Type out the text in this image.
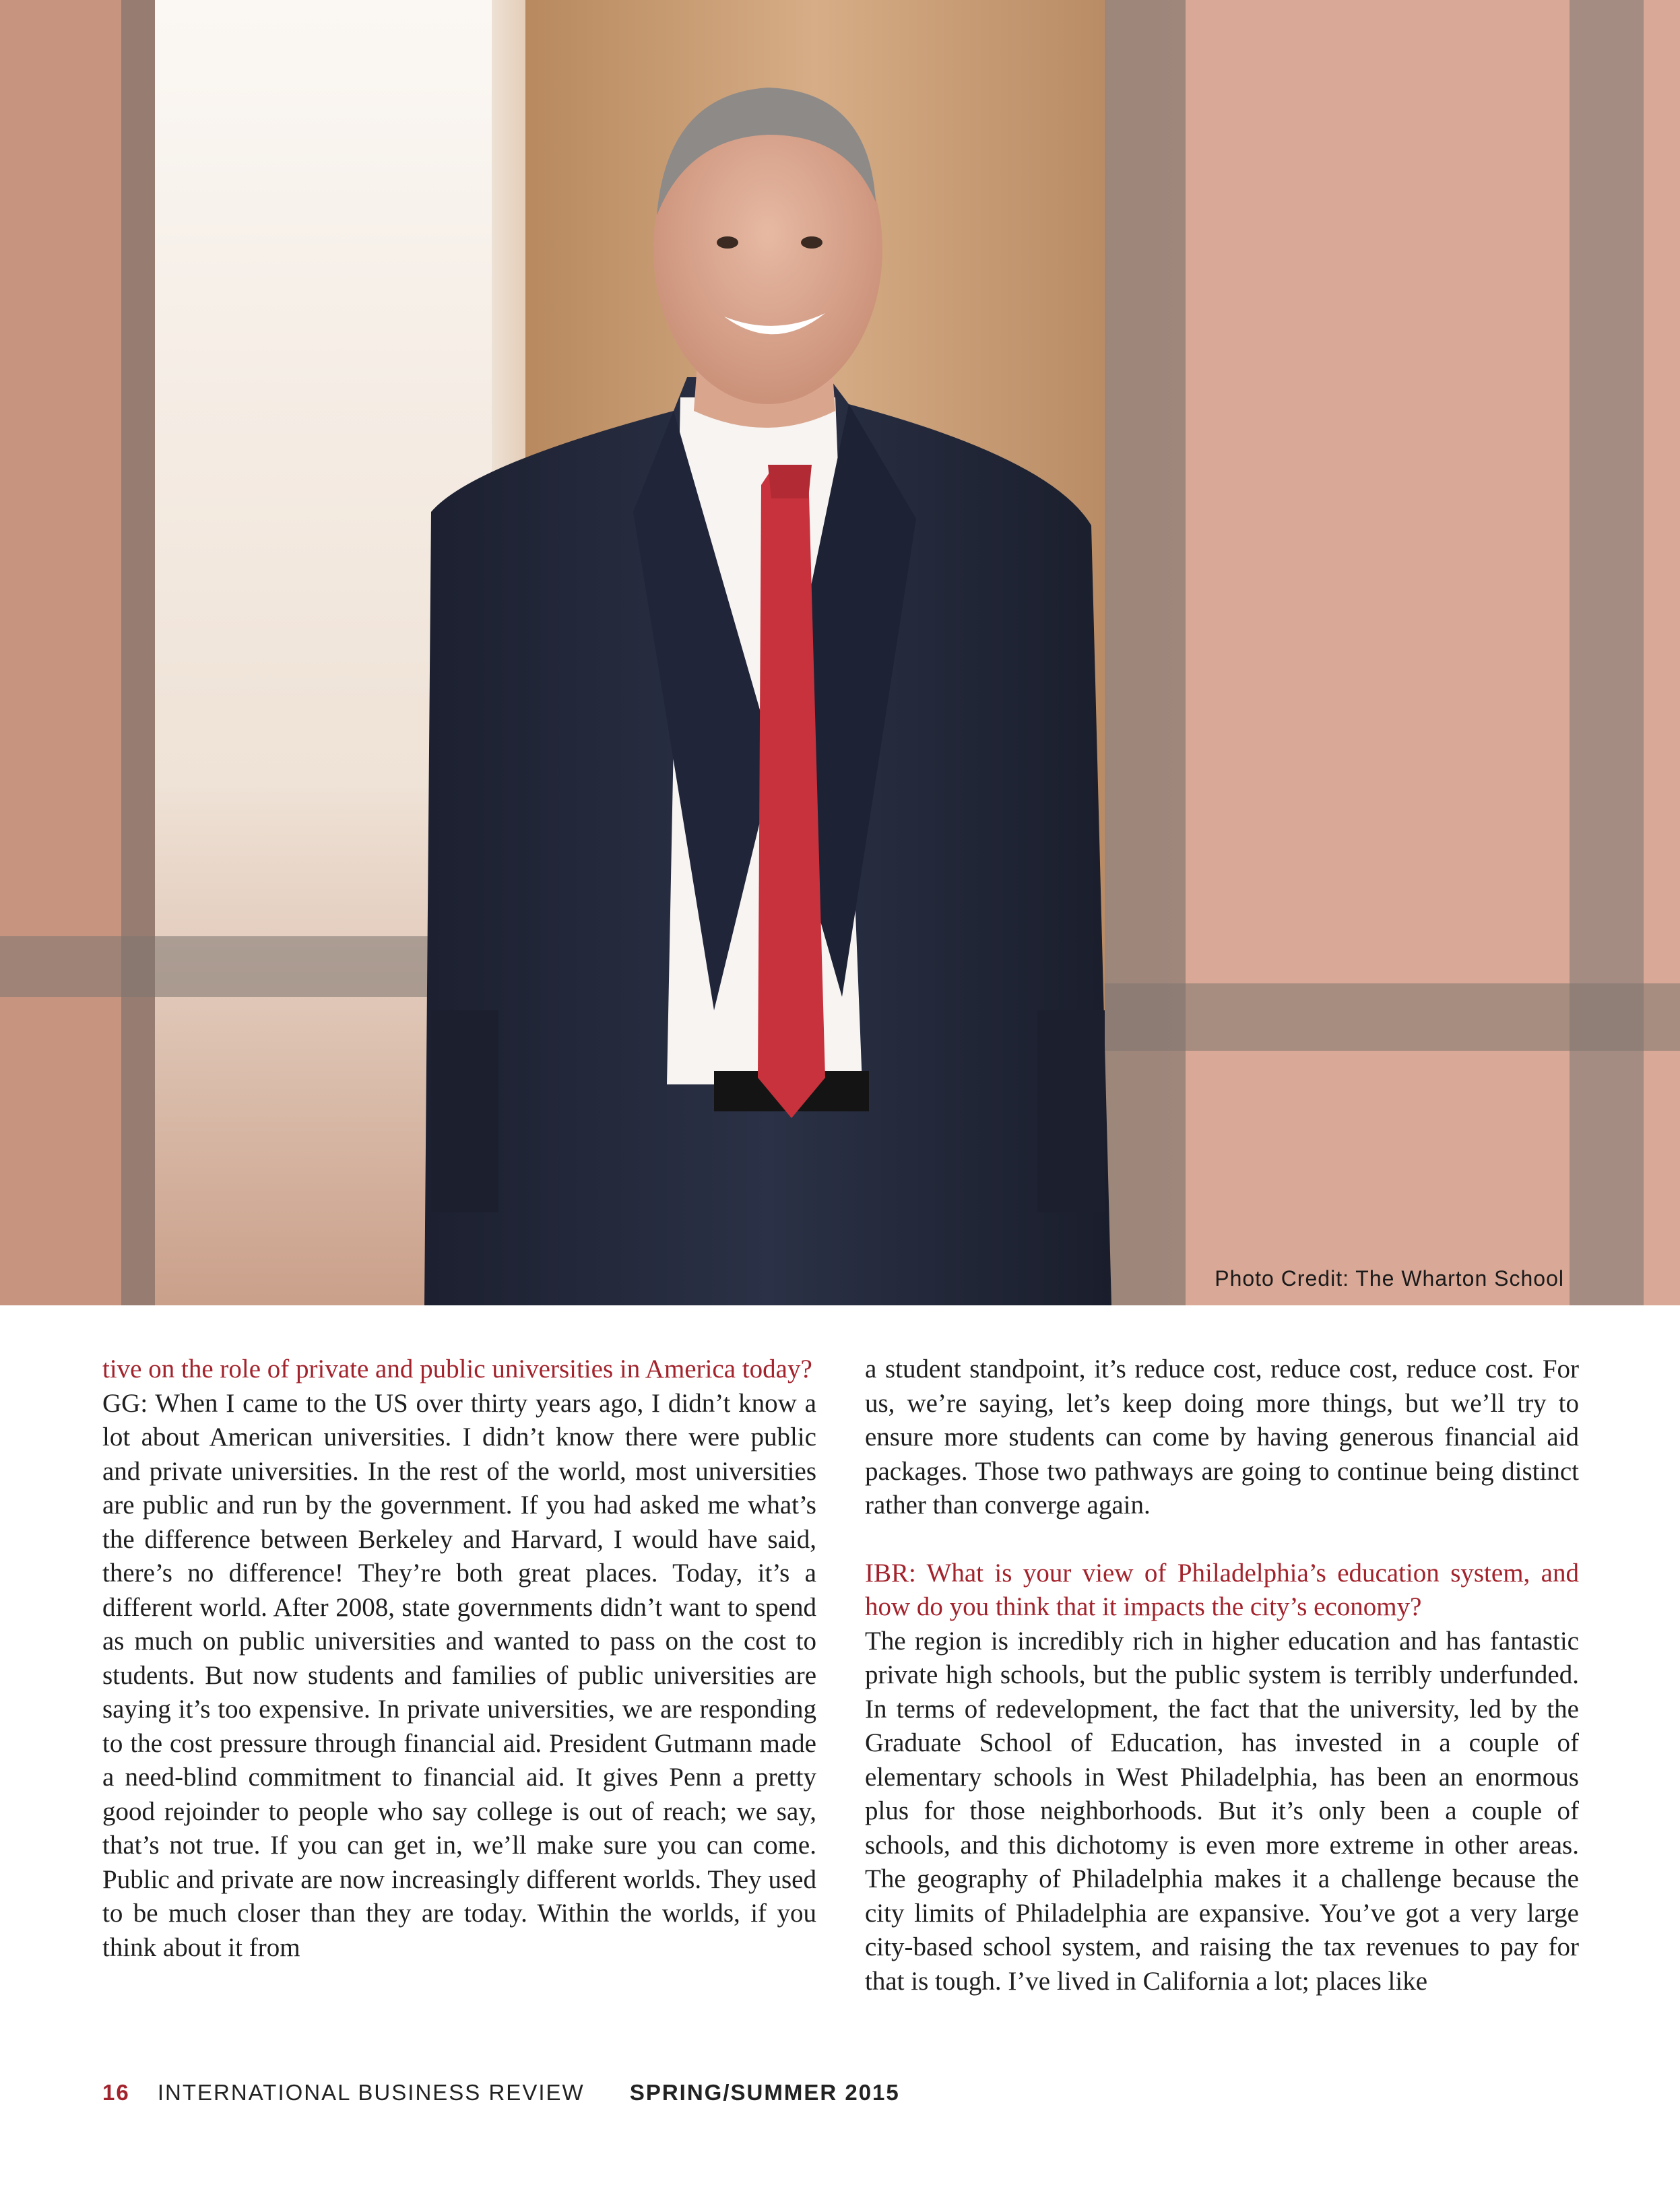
Photo Credit: The Wharton School

tive on the role of private and public universities in America today?

GG: When I came to the US over thirty years ago, I didn’t know a lot about American universities. I didn’t know there were public and private universities. In the rest of the world, most universities are public and run by the government. If you had asked me what’s the difference between Berkeley and Harvard, I would have said, there’s no difference! They’re both great places. Today, it’s a different world. After 2008, state governments didn’t want to spend as much on public universities and wanted to pass on the cost to students. But now students and families of public universities are saying it’s too expensive. In private universities, we are responding to the cost pressure through financial aid. President Gutmann made a need-blind commitment to financial aid. It gives Penn a pretty good rejoinder to people who say college is out of reach; we say, that’s not true. If you can get in, we’ll make sure you can come. Public and private are now increasingly different worlds. They used to be much closer than they are today. Within the worlds, if you think about it from

a student standpoint, it’s reduce cost, reduce cost, reduce cost. For us, we’re saying, let’s keep doing more things, but we’ll try to ensure more students can come by having generous financial aid packages. Those two pathways are going to continue being distinct rather than converge again.

IBR: What is your view of Philadelphia’s education system, and how do you think that it impacts the city’s economy?

The region is incredibly rich in higher education and has fantastic private high schools, but the public system is terribly underfunded. In terms of redevelopment, the fact that the university, led by the Graduate School of Education, has invested in a couple of elementary schools in West Philadelphia, has been an enormous plus for those neighborhoods. But it’s only been a couple of schools, and this dichotomy is even more extreme in other areas. The geography of Philadelphia makes it a challenge because the city limits of Philadelphia are expansive. You’ve got a very large city-based school system, and raising the tax revenues to pay for that is tough. I’ve lived in California a lot; places like

16 INTERNATIONAL BUSINESS REVIEW SPRING/SUMMER 2015
